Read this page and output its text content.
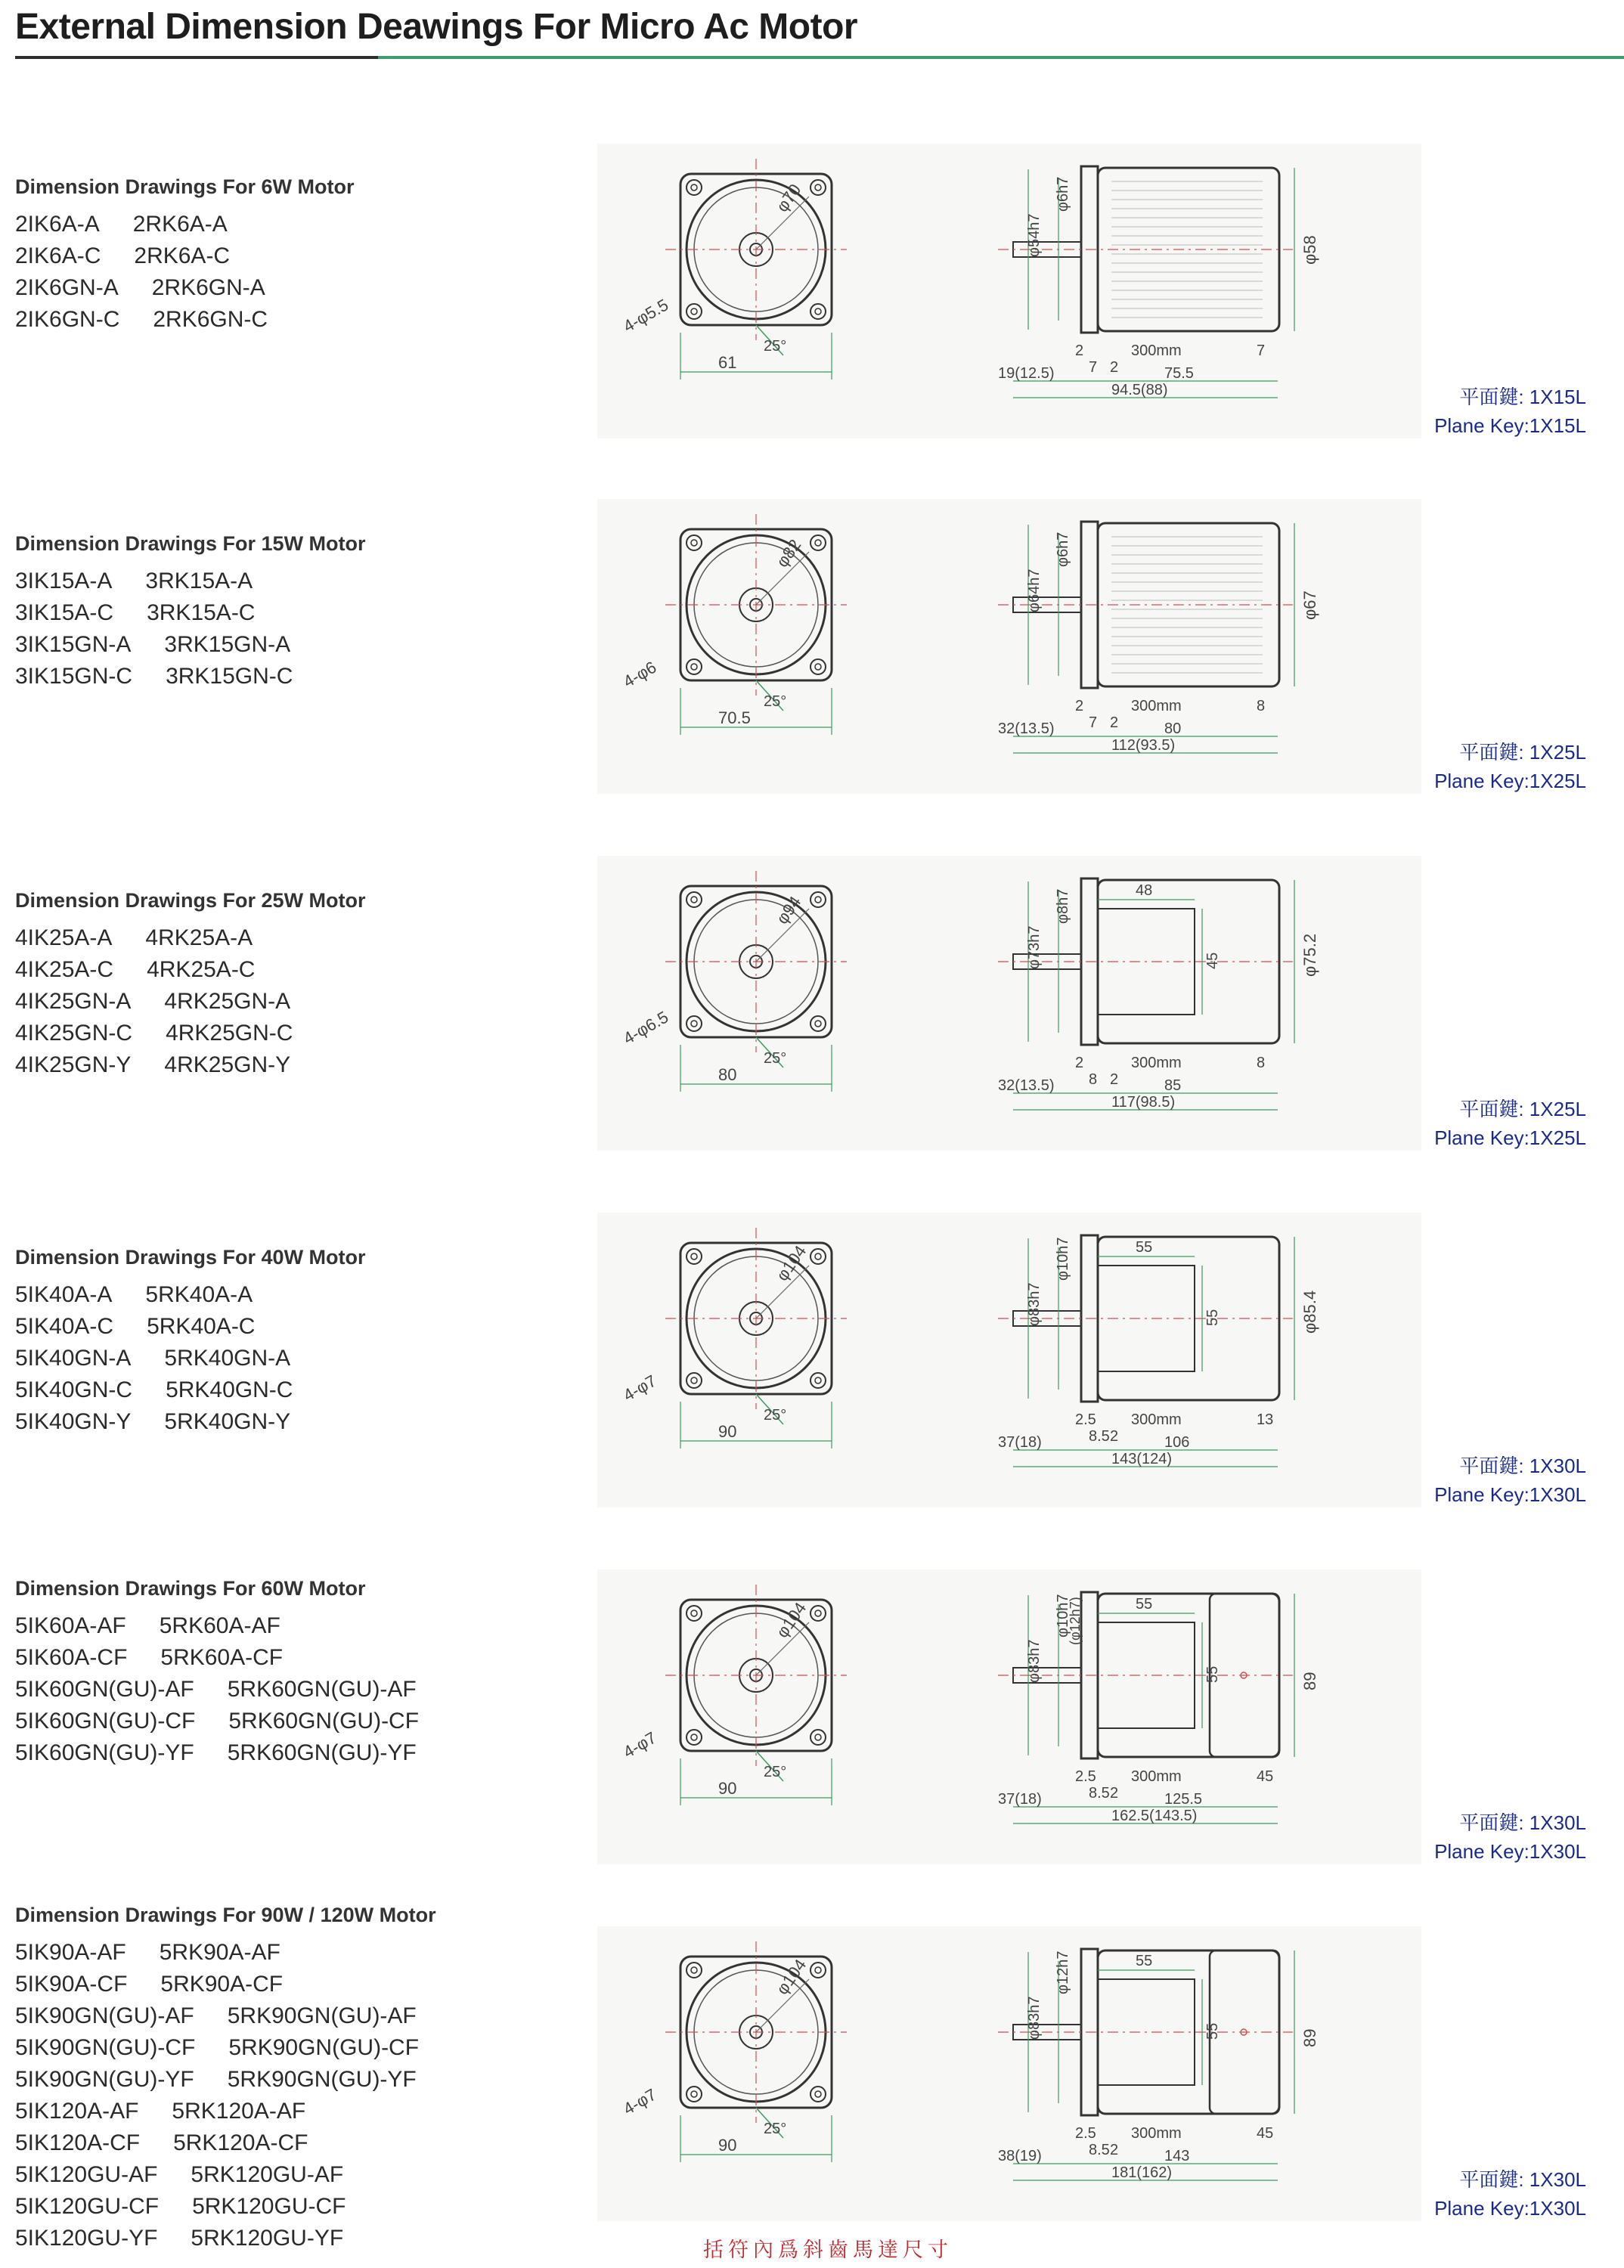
External Dimension Deawings For Micro Ac Motor
Dimension Drawings For 6W Motor
2IK6A-A 2RK6A-A
2IK6A-C 2RK6A-C
2IK6GN-A 2RK6GN-A
2IK6GN-C 2RK6GN-C
φ70
4-φ5.5
25°
61
φ6h7
φ54h7	φ58
2
7 2
300mm	7
19(12.5)	75.5
94.5(88)	平面鍵: 1X15L
Plane Key:1X15L
Dimension Drawings For 15W Motor
3IK15A-A 3RK15A-A
3IK15A-C 3RK15A-C
3IK15GN-A 3RK15GN-A
3IK15GN-C 3RK15GN-C
φ82
4-φ6
25°
70.5
φ6h7
φ64h7	φ67
2
7 2
300mm	8
32(13.5)	80
112(93.5)	平面鍵: 1X25L
Plane Key:1X25L
Dimension Drawings For 25W Motor
4IK25A-A 4RK25A-A
4IK25A-C 4RK25A-C
4IK25GN-A 4RK25GN-A
4IK25GN-C 4RK25GN-C
4IK25GN-Y 4RK25GN-Y
φ94
4-φ6.5
25°
80
φ8h7
φ73h7	φ75.2
48
45
2
8 2
300mm	8
32(13.5)	85
117(98.5)	平面鍵: 1X25L
Plane Key:1X25L
Dimension Drawings For 40W Motor
5IK40A-A 5RK40A-A
5IK40A-C 5RK40A-C
5IK40GN-A 5RK40GN-A
5IK40GN-C 5RK40GN-C
5IK40GN-Y 5RK40GN-Y
φ104
4-φ7
25°
90
φ10h7
φ83h7	φ85.4
55
55
2.5
8.5 2
300mm	13
37(18)	106
143(124)	平面鍵: 1X30L
Plane Key:1X30L
Dimension Drawings For 60W Motor
5IK60A-AF 5RK60A-AF
5IK60A-CF 5RK60A-CF
5IK60GN(GU)-AF 5RK60GN(GU)-AF
5IK60GN(GU)-CF 5RK60GN(GU)-CF
5IK60GN(GU)-YF 5RK60GN(GU)-YF
φ104
4-φ7
25°
90
φ10h7
φ83h7
(φ12h7)
89
55
55
2.5
8.5 2
300mm	45
37(18)	125.5
162.5(143.5)	平面鍵: 1X30L
Plane Key:1X30L
Dimension Drawings For 90W / 120W Motor
5IK90A-AF 5RK90A-AF
5IK90A-CF 5RK90A-CF
5IK90GN(GU)-AF 5RK90GN(GU)-AF
5IK90GN(GU)-CF 5RK90GN(GU)-CF
5IK90GN(GU)-YF 5RK90GN(GU)-YF
5IK120A-AF 5RK120A-AF
5IK120A-CF 5RK120A-CF
5IK120GU-AF 5RK120GU-AF
5IK120GU-CF 5RK120GU-CF
5IK120GU-YF 5RK120GU-YF
φ104
4-φ7
25°
90
φ12h7
φ83h7	89
55
55
2.5
8.5 2
300mm	45
38(19)	143
181(162)	平面鍵: 1X30L
Plane Key:1X30L
括符內爲斜齒馬達尺寸
